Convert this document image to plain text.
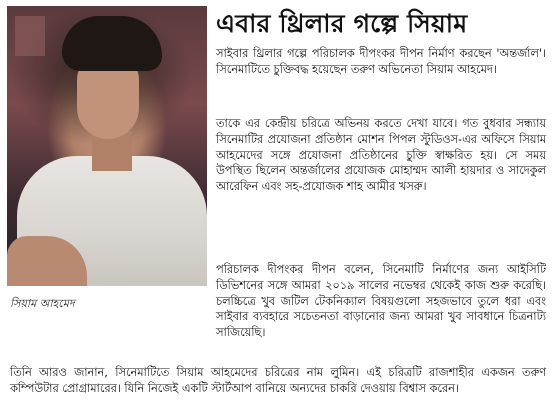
সিয়াম আহমেদ
এবার থ্রিলার গল্পে সিয়াম

সাইবার থ্রিলার গল্পে পরিচালক দীপংকর দীপন নির্মাণ করছেন 'অন্তর্জাল'। সিনেমাটিতে চুক্তিবদ্ধ হয়েছেন তরুণ অভিনেতা সিয়াম আহমেদ।

তাকে এর কেন্দ্রীয় চরিত্রে অভিনয় করতে দেখা যাবে। গত বুধবার সন্ধ্যায় সিনেমাটির প্রযোজনা প্রতিষ্ঠান মোশন পিপল স্টুডিওস-এর অফিসে সিয়াম আহমেদের সঙ্গে প্রযোজনা প্রতিষ্ঠানের চুক্তি স্বাক্ষরিত হয়। সে সময় উপস্থিত ছিলেন অন্তর্জালের প্রযোজক মোহাম্মদ আলী হায়দার ও সাদেকুল আরেফিন এবং সহ-প্রযোজক শাহ আমীর খসরু।

পরিচালক দীপংকর দীপন বলেন, সিনেমাটি নির্মাণের জন্য আইসিটি ডিভিশনের সঙ্গে আমরা ২০১৯ সালের নভেম্বর থেকেই কাজ শুরু করেছি। চলচ্চিত্রে খুব জটিল টেকনিক্যাল বিষয়গুলো সহজভাবে তুলে ধরা এবং সাইবার ব্যবহারে সচেতনতা বাড়ানোর জন্য আমরা খুব সাবধানে চিত্রনাট্য সাজিয়েছি।

তিনি আরও জানান, সিনেমাটিতে সিয়াম আহমেদের চরিত্রের নাম লুমিন। এই চরিত্রটি রাজশাহীর একজন তরুণ কম্পিউটার প্রোগ্রামারের। যিনি নিজেই একটি স্টার্টআপ বানিয়ে অন্যদের চাকরি দেওয়ায় বিশ্বাস করেন।
